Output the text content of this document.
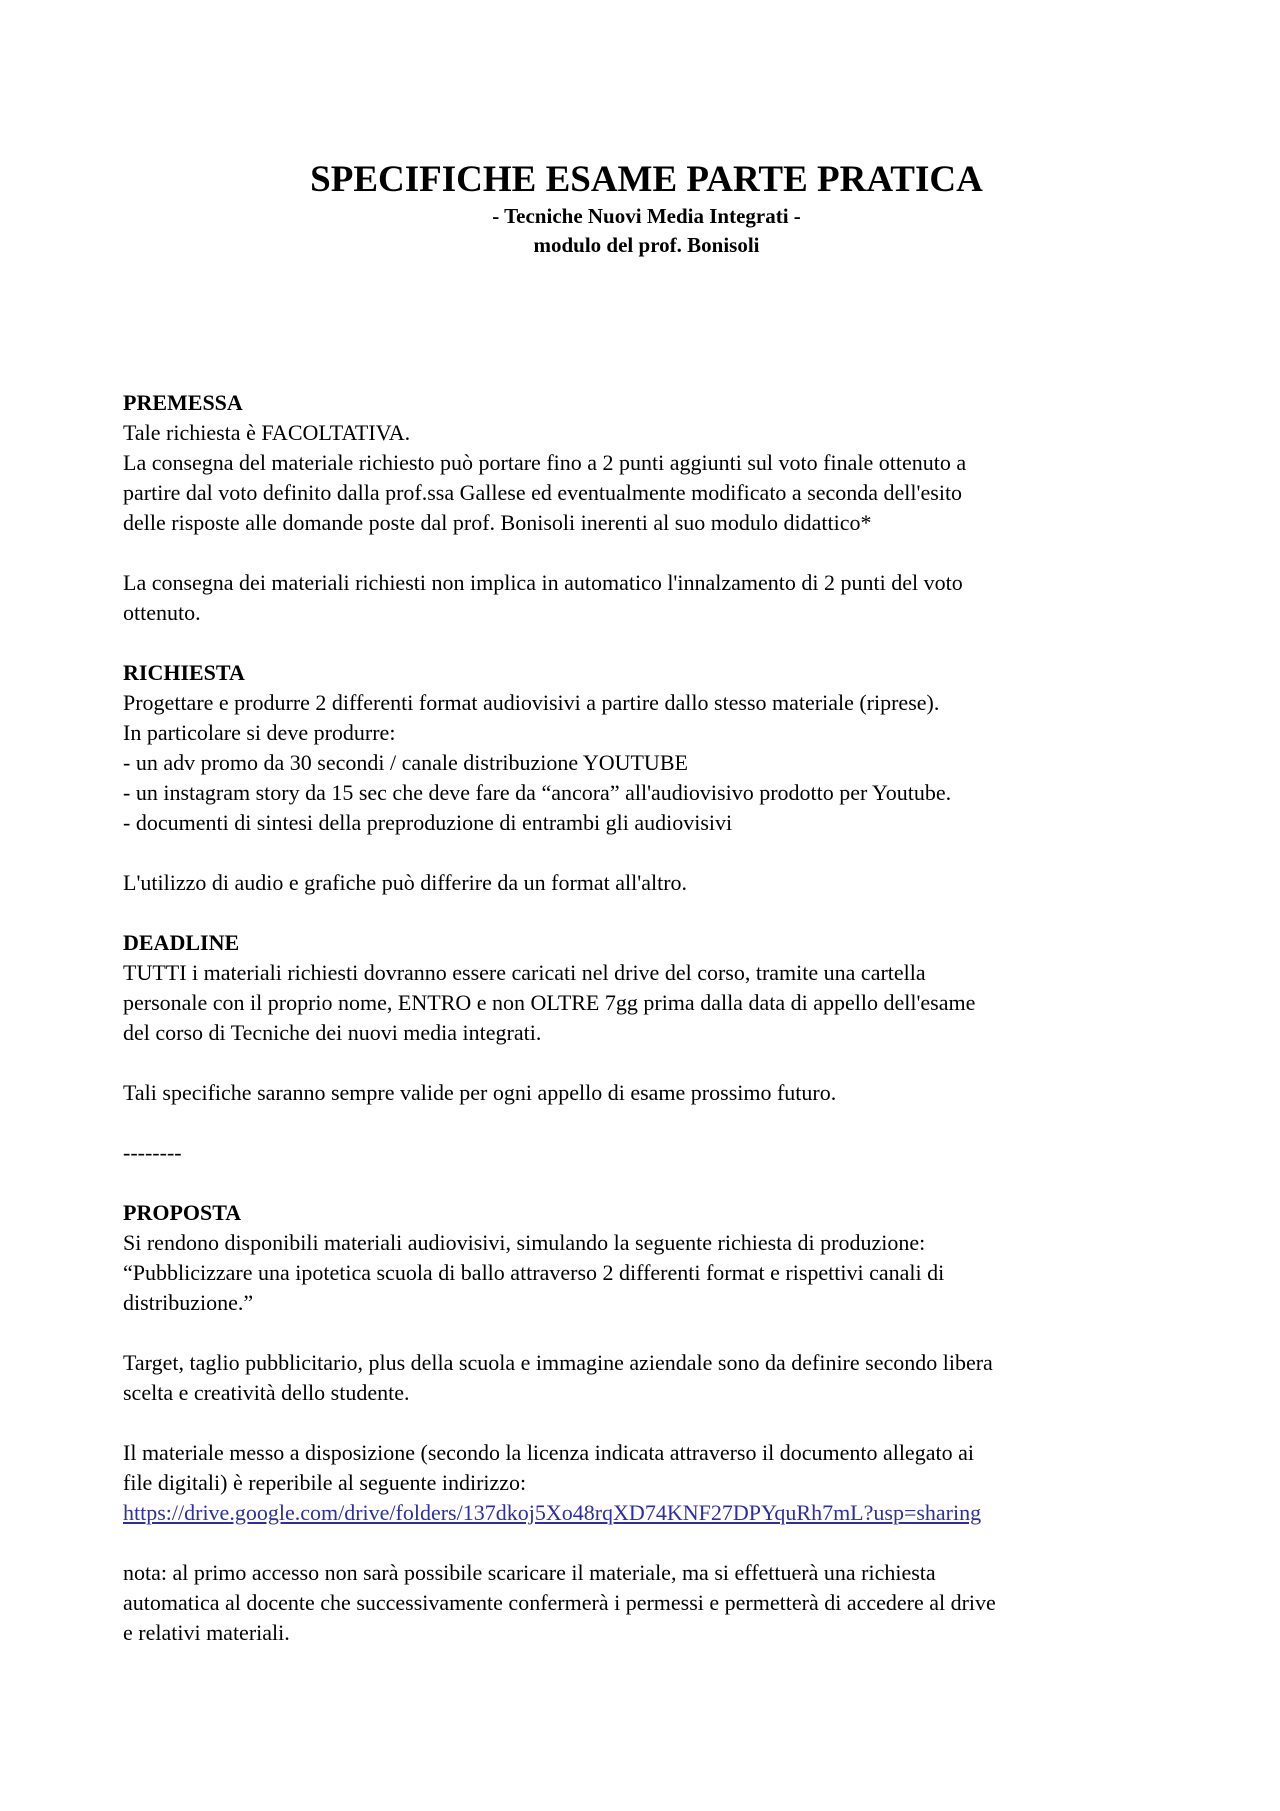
SPECIFICHE ESAME PARTE PRATICA
- Tecniche Nuovi Media Integrati -
modulo del prof. Bonisoli
PREMESSA
Tale richiesta è FACOLTATIVA.
La consegna del materiale richiesto può portare fino a 2 punti aggiunti sul voto finale ottenuto a
partire dal voto definito dalla prof.ssa Gallese ed eventualmente modificato a seconda dell'esito
delle risposte alle domande poste dal prof. Bonisoli inerenti al suo modulo didattico*
La consegna dei materiali richiesti non implica in automatico l'innalzamento di 2 punti del voto
ottenuto.
RICHIESTA
Progettare e produrre 2 differenti format audiovisivi a partire dallo stesso materiale (riprese).
In particolare si deve produrre:
- un adv promo da 30 secondi / canale distribuzione YOUTUBE
- un instagram story da 15 sec che deve fare da “ancora” all'audiovisivo prodotto per Youtube.
- documenti di sintesi della preproduzione di entrambi gli audiovisivi
L'utilizzo di audio e grafiche può differire da un format all'altro.
DEADLINE
TUTTI i materiali richiesti dovranno essere caricati nel drive del corso, tramite una cartella
personale con il proprio nome, ENTRO e non OLTRE 7gg prima dalla data di appello dell'esame
del corso di Tecniche dei nuovi media integrati.
Tali specifiche saranno sempre valide per ogni appello di esame prossimo futuro.
--------
PROPOSTA
Si rendono disponibili materiali audiovisivi, simulando la seguente richiesta di produzione:
“Pubblicizzare una ipotetica scuola di ballo attraverso 2 differenti format e rispettivi canali di
distribuzione.”
Target, taglio pubblicitario, plus della scuola e immagine aziendale sono da definire secondo libera
scelta e creatività dello studente.
Il materiale messo a disposizione (secondo la licenza indicata attraverso il documento allegato ai
file digitali) è reperibile al seguente indirizzo:
https://drive.google.com/drive/folders/137dkoj5Xo48rqXD74KNF27DPYquRh7mL?usp=sharing
nota: al primo accesso non sarà possibile scaricare il materiale, ma si effettuerà una richiesta
automatica al docente che successivamente confermerà i permessi e permetterà di accedere al drive
e relativi materiali.
